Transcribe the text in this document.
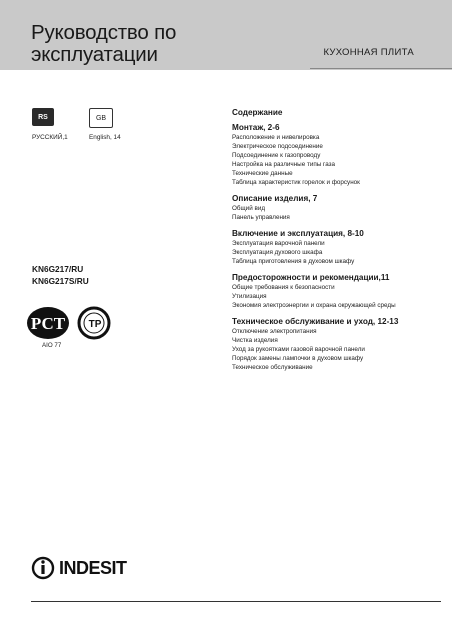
Руководство по
эксплуатации	КУХОННАЯ ПЛИТА
RS
РУССКИЙ,1
GB
English, 14
KN6G217/RU
KN6G217S/RU
РСТ ТР
AIO 77
Содержание
Монтаж, 2-6
Расположение и нивелировка
Электрическое подсоединение
Подсоединение к газопроводу
Настройка на различные типы газа
Технические данные
Таблица характеристик горелок и форсунок
Описание изделия, 7
Общий вид
Панель управления
Включение и эксплуатация, 8-10
Эксплуатация варочной панели
Эксплуатация духового шкафа
Таблица приготовления в духовом шкафу
Предосторожности и рекомендации,11
Общие требования к безопасности
Утилизация
Экономия электроэнергии и охрана окружающей среды
Техническое обслуживание и уход, 12-13
Отключение электропитания
Чистка изделия
Уход за рукоятками газовой варочной панели
Порядок замены лампочки в духовом шкафу
Техническое обслуживание
INDESIT
